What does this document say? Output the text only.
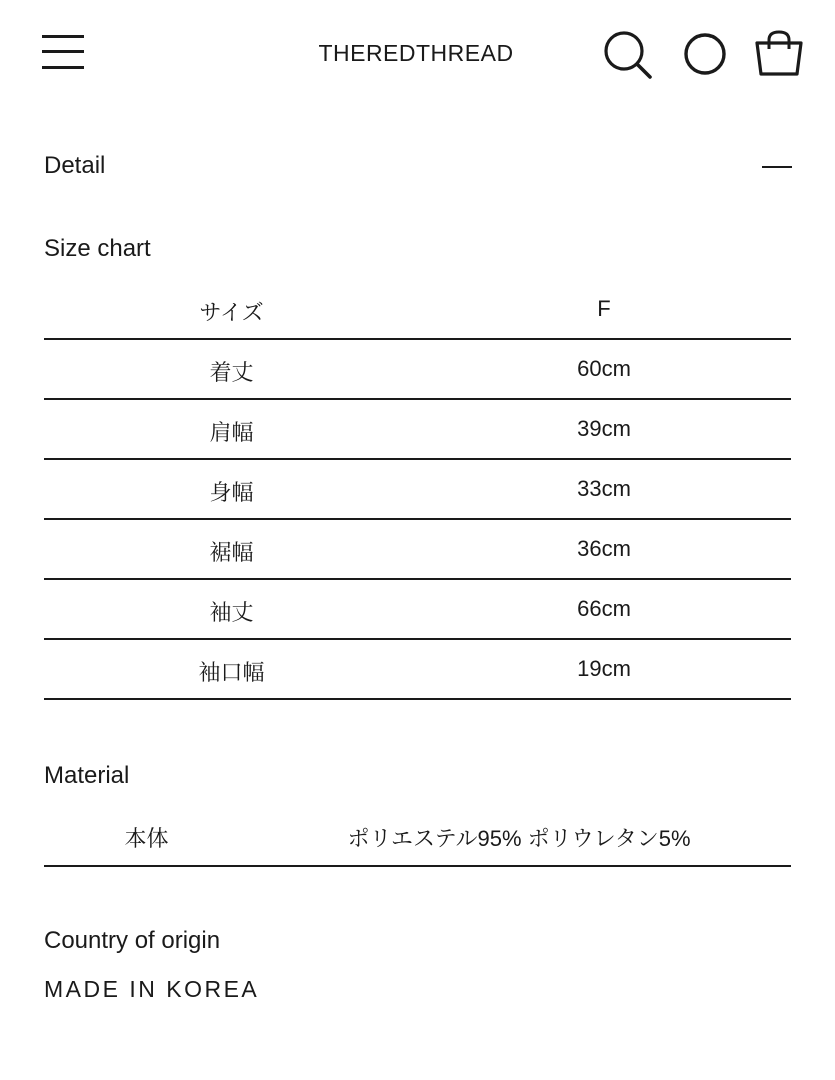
THEREDTHREAD
Detail
Size chart
サイズ	F
着丈	60cm
肩幅	39cm
身幅	33cm
裾幅	36cm
袖丈	66cm
袖口幅	19cm
Material
本体	ポリエステル95% ポリウレタン5%
Country of origin
MADE IN KOREA
